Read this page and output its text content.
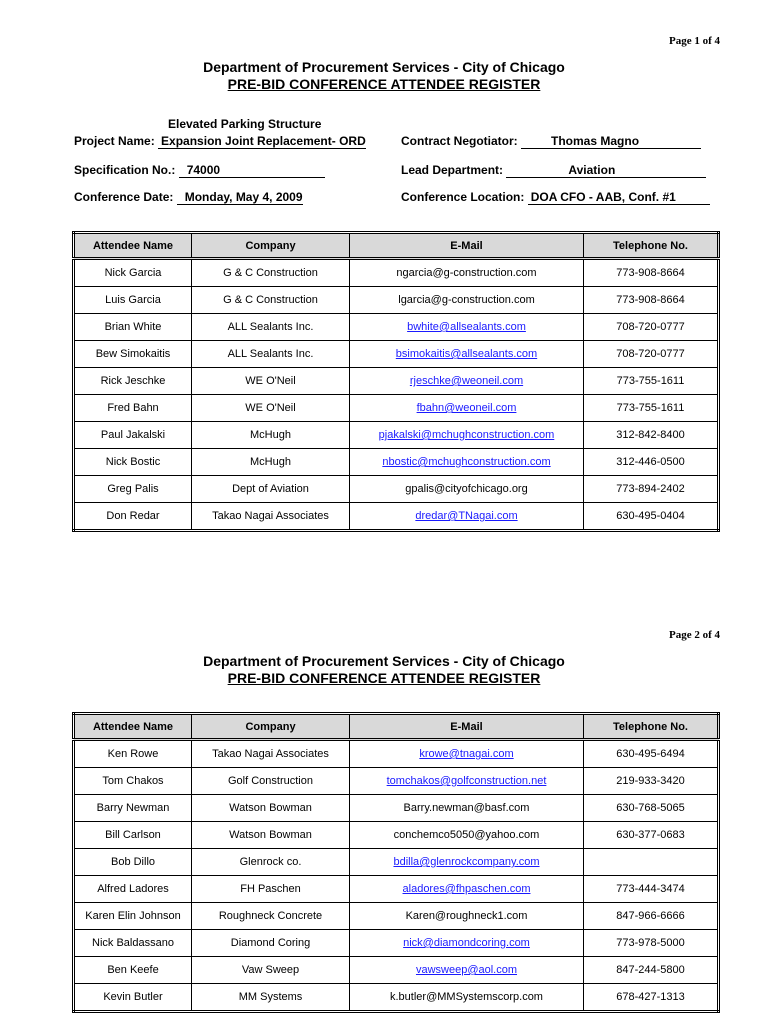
Page 1 of 4
Department of Procurement Services - City of Chicago
PRE-BID CONFERENCE ATTENDEE REGISTER
Elevated Parking Structure
Project Name: Expansion Joint Replacement- ORD	Contract Negotiator:	Thomas Magno
Specification No.: 74000	Lead Department:	Aviation
Conference Date: Monday, May 4, 2009	Conference Location: DOA CFO - AAB, Conf. #1
Attendee Name	Company	E-Mail	Telephone No.
Nick Garcia	G & C Construction	ngarcia@g-construction.com	773-908-8664
Luis Garcia	G & C Construction	lgarcia@g-construction.com	773-908-8664
Brian White	ALL Sealants Inc.	bwhite@allsealants.com	708-720-0777
Bew Simokaitis	ALL Sealants Inc.	bsimokaitis@allsealants.com	708-720-0777
Rick Jeschke	WE O'Neil	rjeschke@weoneil.com	773-755-1611
Fred Bahn	WE O'Neil	fbahn@weoneil.com	773-755-1611
Paul Jakalski	McHugh	pjakalski@mchughconstruction.com	312-842-8400
Nick Bostic	McHugh	nbostic@mchughconstruction.com	312-446-0500
Greg Palis	Dept of Aviation	gpalis@cityofchicago.org	773-894-2402
Don Redar	Takao Nagai Associates	dredar@TNagai.com	630-495-0404
Page 2 of 4
Department of Procurement Services - City of Chicago
PRE-BID CONFERENCE ATTENDEE REGISTER
Attendee Name	Company	E-Mail	Telephone No.
Ken Rowe	Takao Nagai Associates	krowe@tnagai.com	630-495-6494
Tom Chakos	Golf Construction	tomchakos@golfconstruction.net	219-933-3420
Barry Newman	Watson Bowman	Barry.newman@basf.com	630-768-5065
Bill Carlson	Watson Bowman	conchemco5050@yahoo.com	630-377-0683
Bob Dillo	Glenrock co.	bdilla@glenrockcompany.com	
Alfred Ladores	FH Paschen	aladores@fhpaschen.com	773-444-3474
Karen Elin Johnson	Roughneck Concrete	Karen@roughneck1.com	847-966-6666
Nick Baldassano	Diamond Coring	nick@diamondcoring.com	773-978-5000
Ben Keefe	Vaw Sweep	vawsweep@aol.com	847-244-5800
Kevin Butler	MM Systems	k.butler@MMSystemscorp.com	678-427-1313
